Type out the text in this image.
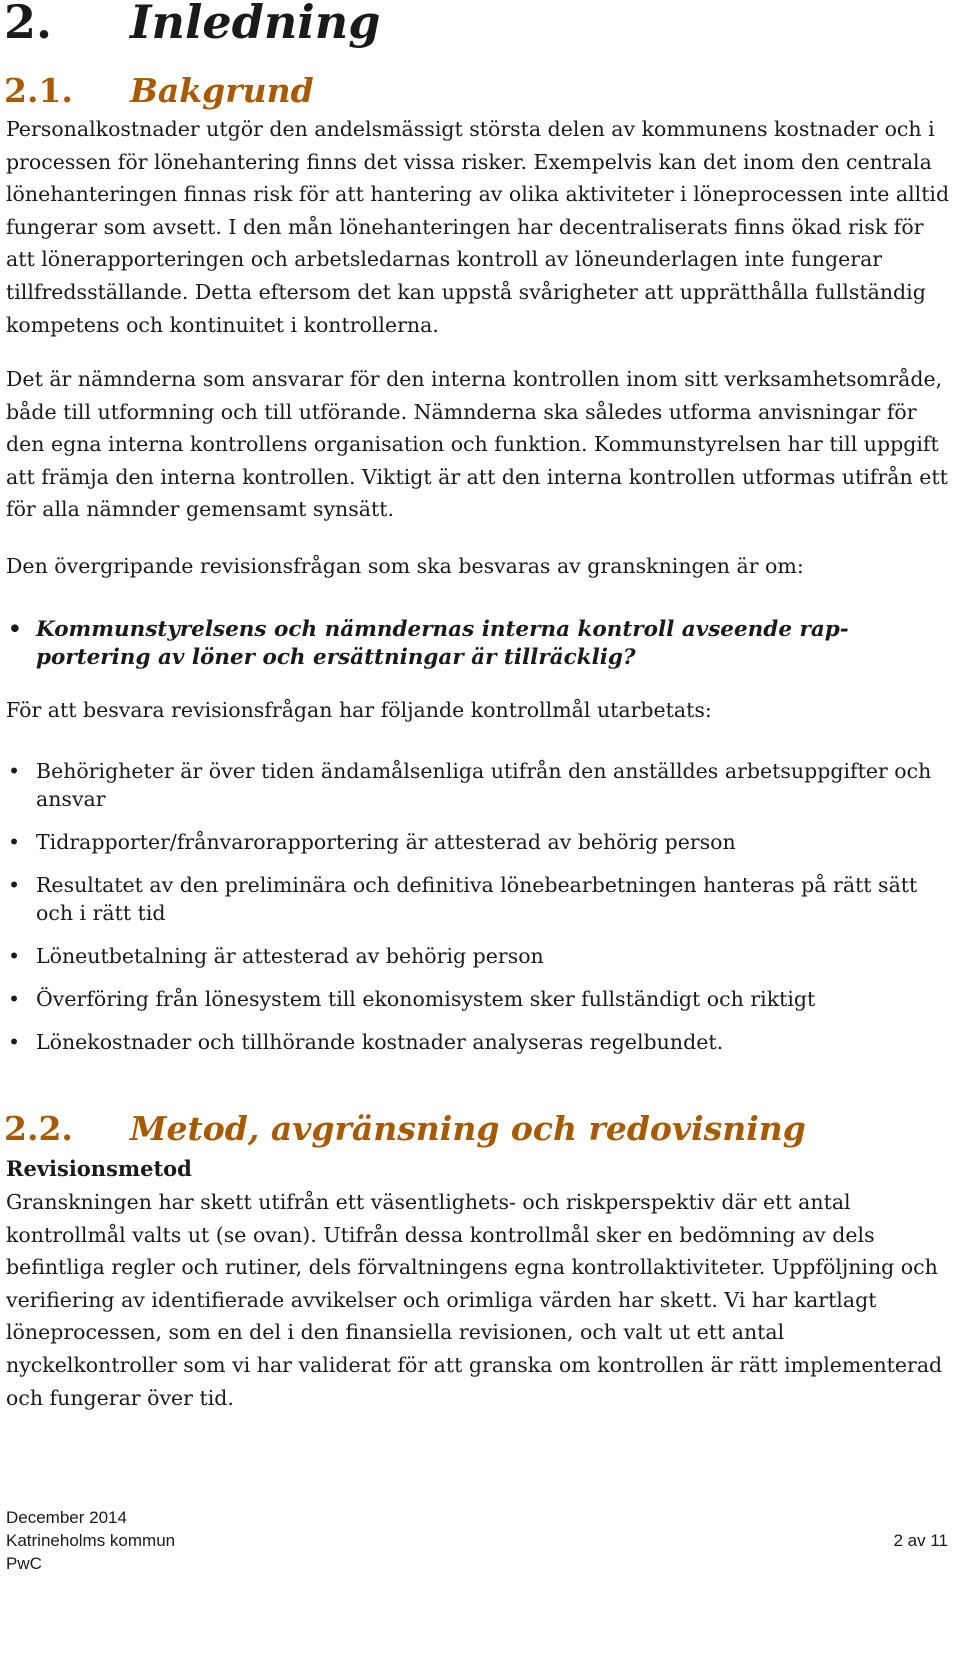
2. Inledning
2.1. Bakgrund

Personalkostnader utgör den andelsmässigt största delen av kommunens kostnader och i processen för lönehantering finns det vissa risker. Exempelvis kan det inom den centrala lönehanteringen finnas risk för att hantering av olika aktiviteter i löneprocessen inte alltid fungerar som avsett. I den mån lönehanteringen har decentraliserats finns ökad risk för att lönerapporteringen och arbetsledarnas kontroll av löneunderlagen inte fungerar tillfredsställande. Detta eftersom det kan uppstå svårigheter att upprätthålla fullständig kompetens och kontinuitet i kontrollerna.

Det är nämnderna som ansvarar för den interna kontrollen inom sitt verksamhetsområde, både till utformning och till utförande. Nämnderna ska således utforma anvisningar för den egna interna kontrollens organisation och funktion. Kommunstyrelsen har till uppgift att främja den interna kontrollen. Viktigt är att den interna kontrollen utformas utifrån ett för alla nämnder gemensamt synsätt.

Den övergripande revisionsfrågan som ska besvaras av granskningen är om:

• Kommunstyrelsens och nämndernas interna kontroll avseende rapportering av löner och ersättningar är tillräcklig?

För att besvara revisionsfrågan har följande kontrollmål utarbetats:

• Behörigheter är över tiden ändamålsenliga utifrån den anställdes arbetsuppgifter och ansvar
• Tidrapporter/frånvarorapportering är attesterad av behörig person
• Resultatet av den preliminära och definitiva lönebearbetningen hanteras på rätt sätt och i rätt tid
• Löneutbetalning är attesterad av behörig person
• Överföring från lönesystem till ekonomisystem sker fullständigt och riktigt
• Lönekostnader och tillhörande kostnader analyseras regelbundet.
2.2. Metod, avgränsning och redovisning
Revisionsmetod

Granskningen har skett utifrån ett väsentlighets- och riskperspektiv där ett antal kontrollmål valts ut (se ovan). Utifrån dessa kontrollmål sker en bedömning av dels befintliga regler och rutiner, dels förvaltningens egna kontrollaktiviteter. Uppföljning och verifiering av identifierade avvikelser och orimliga värden har skett. Vi har kartlagt löneprocessen, som en del i den finansiella revisionen, och valt ut ett antal nyckelkontroller som vi har validerat för att granska om kontrollen är rätt implementerad och fungerar över tid.

December 2014
Katrineholms kommun
PwC
2 av 11
